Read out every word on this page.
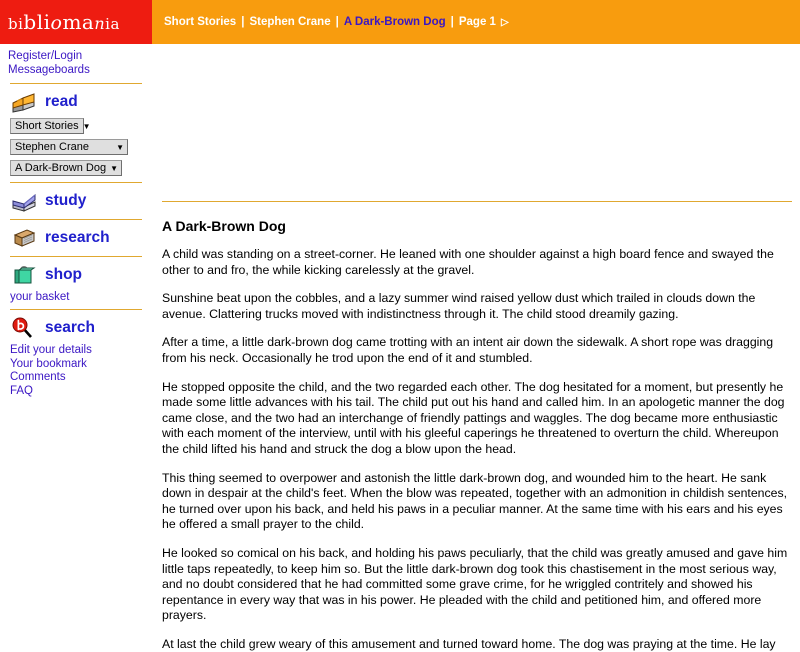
bibliomania	Short Stories | Stephen Crane | A Dark-Brown Dog | Page 1 ▷
Register/Login
Messageboards
read
Short Stories ▼
Stephen Crane	▼
A Dark-Brown Dog ▼
study
research
shop
your basket
search
Edit your details
Your bookmark
Comments
FAQ
A Dark-Brown Dog

A child was standing on a street-corner. He leaned with one shoulder against a high board fence and swayed the other to and fro, the while kicking carelessly at the gravel.

Sunshine beat upon the cobbles, and a lazy summer wind raised yellow dust which trailed in clouds down the avenue. Clattering trucks moved with indistinctness through it. The child stood dreamily gazing.

After a time, a little dark-brown dog came trotting with an intent air down the sidewalk. A short rope was dragging from his neck. Occasionally he trod upon the end of it and stumbled.

He stopped opposite the child, and the two regarded each other. The dog hesitated for a moment, but presently he made some little advances with his tail. The child put out his hand and called him. In an apologetic manner the dog came close, and the two had an interchange of friendly pattings and waggles. The dog became more enthusiastic with each moment of the interview, until with his gleeful caperings he threatened to overturn the child. Whereupon the child lifted his hand and struck the dog a blow upon the head.

This thing seemed to overpower and astonish the little dark-brown dog, and wounded him to the heart. He sank down in despair at the child's feet. When the blow was repeated, together with an admonition in childish sentences, he turned over upon his back, and held his paws in a peculiar manner. At the same time with his ears and his eyes he offered a small prayer to the child.

He looked so comical on his back, and holding his paws peculiarly, that the child was greatly amused and gave him little taps repeatedly, to keep him so. But the little dark-brown dog took this chastisement in the most serious way, and no doubt considered that he had committed some grave crime, for he wriggled contritely and showed his repentance in every way that was in his power. He pleaded with the child and petitioned him, and offered more prayers.

At last the child grew weary of this amusement and turned toward home. The dog was praying at the time. He lay
